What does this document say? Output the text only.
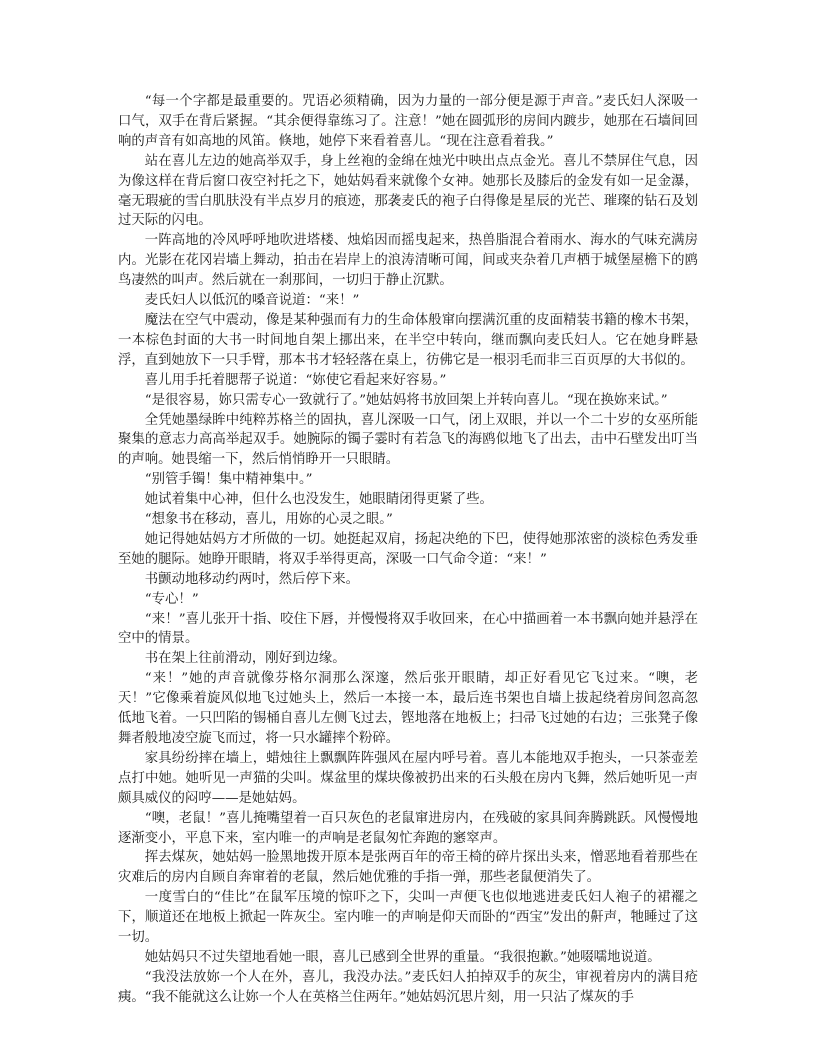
“每一个字都是最重要的。咒语必须精确，因为力量的一部分便是源于声音。”麦氏妇人深吸一口气，双手在背后紧握。“其余便得靠练习了。注意！”她在圆弧形的房间内踱步，她那在石墙间回响的声音有如高地的风笛。倏地，她停下来看着喜儿。“现在注意看着我。”

站在喜儿左边的她高举双手，身上丝袍的金绵在烛光中映出点点金光。喜儿不禁屏住气息，因为像这样在背后窗口夜空衬托之下，她姑妈看来就像个女神。她那长及膝后的金发有如一足金瀑，毫无瑕疵的雪白肌肤没有半点岁月的痕迹，那袭麦氏的袍子白得像是星辰的光芒、璀璨的钻石及划过天际的闪电。

一阵高地的冷风呼呼地吹进塔楼、烛焰因而摇曳起来，热兽脂混合着雨水、海水的气味充满房内。光影在花冈岩墙上舞动，拍击在岩岸上的浪涛清晰可闻，间或夹杂着几声栖于城堡屋檐下的鸥鸟凄然的叫声。然后就在一刹那间，一切归于静止沉默。

麦氏妇人以低沉的嗓音说道：“来！”

魔法在空气中震动，像是某种强而有力的生命体般窜向摆满沉重的皮面精装书籍的橡木书架，一本棕色封面的大书一时间地自架上挪出来，在半空中转向，继而飘向麦氏妇人。它在她身畔悬浮，直到她放下一只手臂，那本书才轻轻落在桌上，彷佛它是一根羽毛而非三百页厚的大书似的。

喜儿用手托着腮帮子说道：“妳使它看起来好容易。”

“是很容易，妳只需专心一致就行了。”她姑妈将书放回架上并转向喜儿。“现在换妳来试。”

全凭她墨绿眸中纯粹苏格兰的固执，喜儿深吸一口气，闭上双眼，并以一个二十岁的女巫所能聚集的意志力高高举起双手。她腕际的镯子霎时有若急飞的海鸥似地飞了出去，击中石壁发出叮当的声响。她畏缩一下，然后悄悄睁开一只眼睛。

“别管手镯！集中精神集中。”

她试着集中心神，但什么也没发生，她眼睛闭得更紧了些。

“想象书在移动，喜儿，用妳的心灵之眼。”

她记得她姑妈方才所做的一切。她挺起双肩，扬起决绝的下巴，使得她那浓密的淡棕色秀发垂至她的腿际。她睁开眼睛，将双手举得更高，深吸一口气命令道：“来！”

书颤动地移动约两吋，然后停下来。

“专心！”

“来！”喜儿张开十指、咬住下唇，并慢慢将双手收回来，在心中描画着一本书飘向她并悬浮在空中的情景。

书在架上往前滑动，刚好到边缘。

“来！”她的声音就像芬格尔洞那么深邃，然后张开眼睛，却正好看见它飞过来。“噢，老天！”它像乘着旋风似地飞过她头上，然后一本接一本，最后连书架也自墙上拔起绕着房间忽高忽低地飞着。一只凹陷的锡桶自喜儿左侧飞过去，铿地落在地板上；扫帚飞过她的右边；三张凳子像舞者般地凌空旋飞而过，将一只水罐摔个粉碎。

家具纷纷摔在墙上，蜡烛往上飘飘阵阵强风在屋内呼号着。喜儿本能地双手抱头，一只茶壶差点打中她。她听见一声猫的尖叫。煤盆里的煤块像被扔出来的石头般在房内飞舞，然后她听见一声颇具威仪的闷哼——是她姑妈。

“噢，老鼠！”喜儿掩嘴望着一百只灰色的老鼠窜进房内，在残破的家具间奔腾跳跃。风慢慢地逐渐变小，平息下来，室内唯一的声响是老鼠匆忙奔跑的窸窣声。

挥去煤灰，她姑妈一脸黑地拨开原本是张两百年的帝王椅的碎片探出头来，憎恶地看着那些在灾难后的房内自顾自奔窜着的老鼠，然后她优雅的手指一弹，那些老鼠便消失了。

一度雪白的“佳比”在鼠军压境的惊吓之下，尖叫一声便飞也似地逃进麦氏妇人袍子的裙襬之下，顺道还在地板上掀起一阵灰尘。室内唯一的声响是仰天而卧的“西宝”发出的鼾声，牠睡过了这一切。

她姑妈只不过失望地看她一眼，喜儿已感到全世界的重量。“我很抱歉。”她啜嚅地说道。

“我没法放妳一个人在外，喜儿，我没办法。”麦氏妇人拍掉双手的灰尘，审视着房内的满目疮痍。“我不能就这么让妳一个人在英格兰住两年。”她姑妈沉思片刻，用一只沾了煤灰的手
